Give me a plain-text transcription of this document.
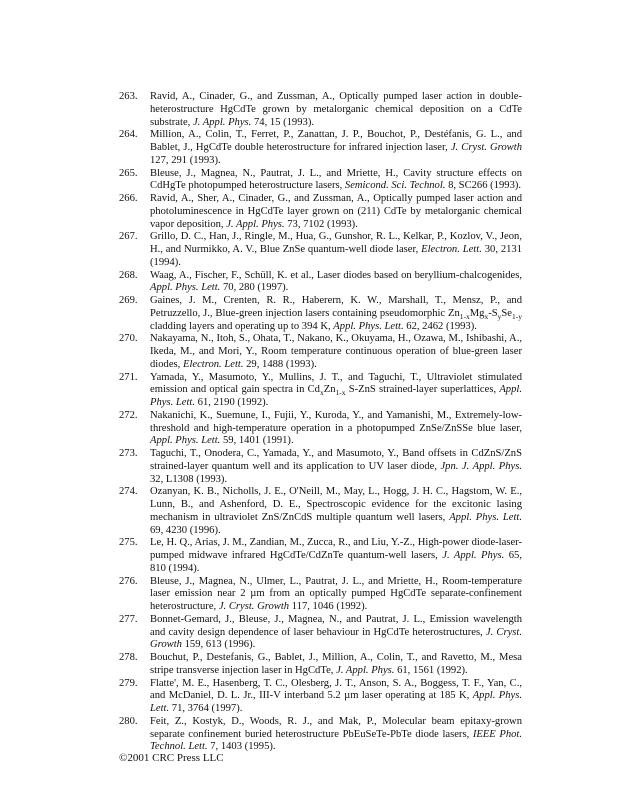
263.	Ravid, A., Cinader, G., and Zussman, A., Optically pumped laser action in double-heterostructure HgCdTe grown by metalorganic chemical deposition on a CdTe substrate, J. Appl. Phys. 74, 15 (1993).
264.	Million, A., Colin, T., Ferret, P., Zanattan, J. P., Bouchot, P., Destéfanis, G. L., and Bablet, J., HgCdTe double heterostructure for infrared injection laser, J. Cryst. Growth 127, 291 (1993).
265.	Bleuse, J., Magnea, N., Pautrat, J. L., and Mriette, H., Cavity structure effects on CdHgTe photopumped heterostructure lasers, Semicond. Sci. Technol. 8, SC266 (1993).
266.	Ravid, A., Sher, A., Cinader, G., and Zussman, A., Optically pumped laser action and photoluminescence in HgCdTe layer grown on (211) CdTe by metalorganic chemical vapor deposition, J. Appl. Phys. 73, 7102 (1993).
267.	Grillo, D. C., Han, J., Ringle, M., Hua, G., Gunshor, R. L., Kelkar, P., Kozlov, V., Jeon, H., and Nurmikko, A. V., Blue ZnSe quantum-well diode laser, Electron. Lett. 30, 2131 (1994).
268.	Waag, A., Fischer, F., Schüll, K. et al., Laser diodes based on beryllium-chalcogenides, Appl. Phys. Lett. 70, 280 (1997).
269.	Gaines, J. M., Crenten, R. R., Haberern, K. W., Marshall, T., Mensz, P., and Petruzzello, J., Blue-green injection lasers containing pseudomorphic $Zn_{1-x}Mg_x-S_ySe_{1-y}$ cladding layers and operating up to 394 K, Appl. Phys. Lett. 62, 2462 (1993).
270.	Nakayama, N., Itoh, S., Ohata, T., Nakano, K., Okuyama, H., Ozawa, M., Ishibashi, A., Ikeda, M., and Mori, Y., Room temperature continuous operation of blue-green laser diodes, Electron. Lett. 29, 1488 (1993).
271.	Yamada, Y., Masumoto, Y., Mullins, J. T., and Taguchi, T., Ultraviolet stimulated emission and optical gain spectra in $Cd_xZn_{1-x}$ S-ZnS strained-layer superlattices, Appl. Phys. Lett. 61, 2190 (1992).
272.	Nakanichi, K., Suemune, I., Fujii, Y., Kuroda, Y., and Yamanishi, M., Extremely-low-threshold and high-temperature operation in a photopumped ZnSe/ZnSSe blue laser, Appl. Phys. Lett. 59, 1401 (1991).
273.	Taguchi, T., Onodera, C., Yamada, Y., and Masumoto, Y., Band offsets in CdZnS/ZnS strained-layer quantum well and its application to UV laser diode, Jpn. J. Appl. Phys. 32, L1308 (1993).
274.	Ozanyan, K. B., Nicholls, J. E., O'Neill, M., May, L., Hogg, J. H. C., Hagstom, W. E., Lunn, B., and Ashenford, D. E., Spectroscopic evidence for the excitonic lasing mechanism in ultraviolet ZnS/ZnCdS multiple quantum well lasers, Appl. Phys. Lett. 69, 4230 (1996).
275.	Le, H. Q., Arias, J. M., Zandian, M., Zucca, R., and Liu, Y.-Z., High-power diode-laser-pumped midwave infrared HgCdTe/CdZnTe quantum-well lasers, J. Appl. Phys. 65, 810 (1994).
276.	Bleuse, J., Magnea, N., Ulmer, L., Pautrat, J. L., and Mriette, H., Room-temperature laser emission near 2 µm from an optically pumped HgCdTe separate-confinement heterostructure, J. Cryst. Growth 117, 1046 (1992).
277.	Bonnet-Gemard, J., Bleuse, J., Magnea, N., and Pautrat, J. L., Emission wavelength and cavity design dependence of laser behaviour in HgCdTe heterostructures, J. Cryst. Growth 159, 613 (1996).
278.	Bouchut, P., Destefanis, G., Bablet, J., Million, A., Colin, T., and Ravetto, M., Mesa stripe transverse injection laser in HgCdTe, J. Appl. Phys. 61, 1561 (1992).
279.	Flatte', M. E., Hasenberg, T. C., Olesberg, J. T., Anson, S. A., Boggess, T. F., Yan, C., and McDaniel, D. L. Jr., III-V interband 5.2 µm laser operating at 185 K, Appl. Phys. Lett. 71, 3764 (1997).
280.	Feit, Z., Kostyk, D., Woods, R. J., and Mak, P., Molecular beam epitaxy-grown separate confinement buried heterostructure PbEuSeTe-PbTe diode lasers, IEEE Phot. Technol. Lett. 7, 1403 (1995).
©2001 CRC Press LLC
